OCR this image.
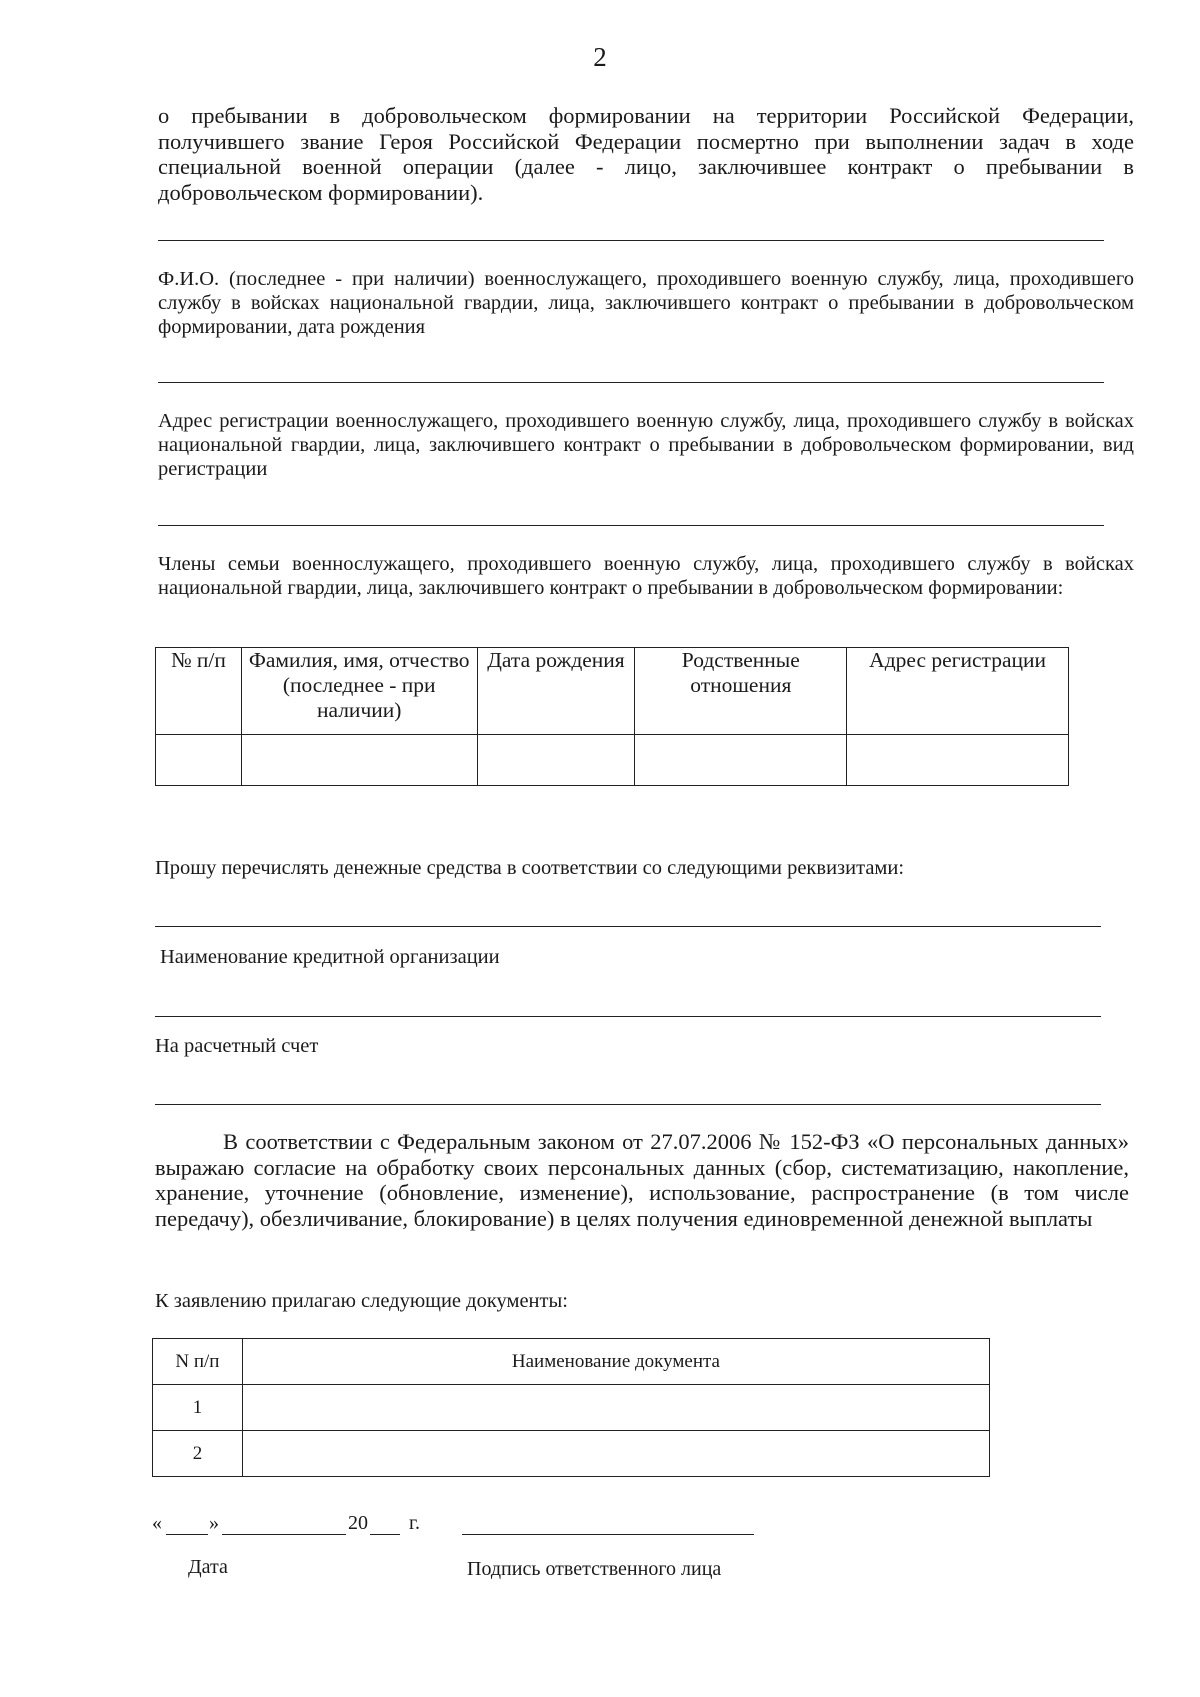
2
о пребывании в добровольческом формировании на территории Российской Федерации, получившего звание Героя Российской Федерации посмертно при выполнении задач в ходе специальной военной операции (далее - лицо, заключившее контракт о пребывании в добровольческом формировании).
Ф.И.О. (последнее - при наличии) военнослужащего, проходившего военную службу, лица, проходившего службу в войсках национальной гвардии, лица, заключившего контракт о пребывании в добровольческом формировании, дата рождения
Адрес регистрации военнослужащего, проходившего военную службу, лица, проходившего службу в войсках национальной гвардии, лица, заключившего контракт о пребывании в добровольческом формировании, вид регистрации
Члены семьи военнослужащего, проходившего военную службу, лица, проходившего службу в войсках национальной гвардии, лица, заключившего контракт о пребывании в добровольческом формировании:
№ п/п	Фамилия, имя, отчество (последнее - при наличии)	Дата рождения	Родственные отношения	Адрес регистрации

Прошу перечислять денежные средства в соответствии со следующими реквизитами:
Наименование кредитной организации
На расчетный счет
В соответствии с Федеральным законом от 27.07.2006 № 152-ФЗ «О персональных данных» выражаю согласие на обработку своих персональных данных (сбор, систематизацию, накопление, хранение, уточнение (обновление, изменение), использование, распространение (в том числе передачу), обезличивание, блокирование) в целях получения единовременной денежной выплаты
К заявлению прилагаю следующие документы:
N п/п	Наименование документа
1	
2	
« »	20 г.
Дата	Подпись ответственного лица
